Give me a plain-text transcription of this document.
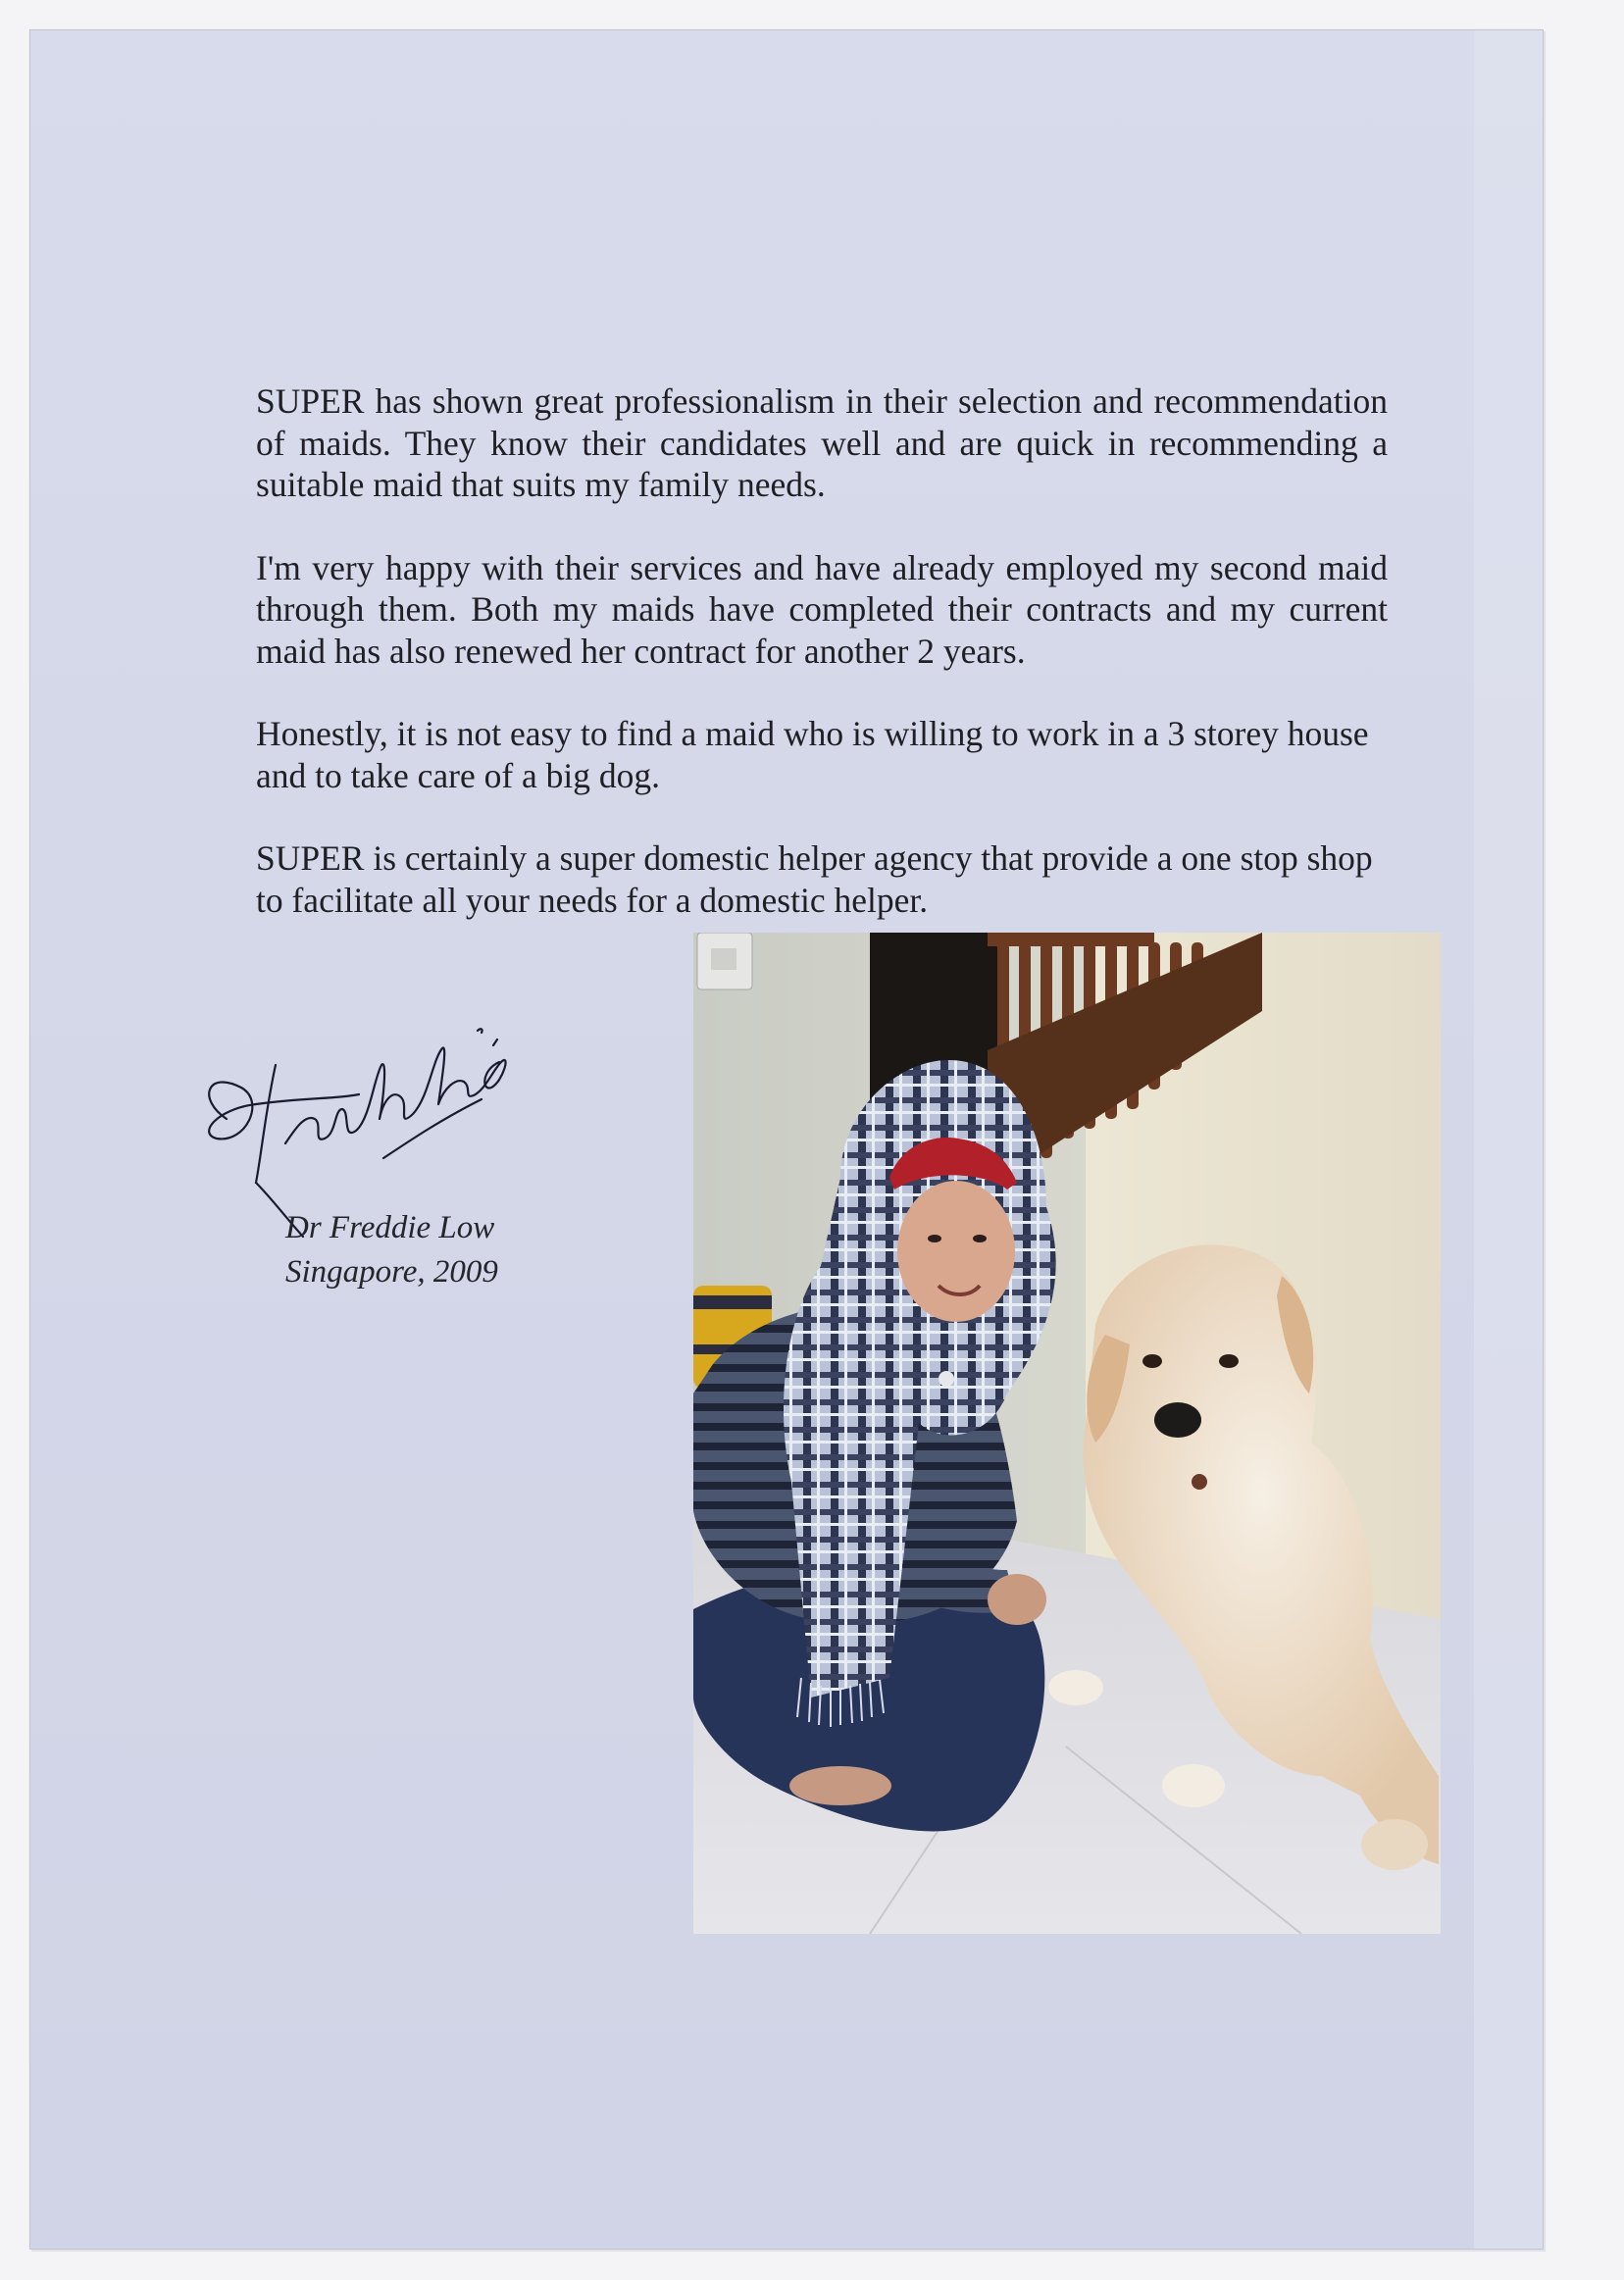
SUPER has shown great professionalism in their selection and recommendation of maids. They know their candidates well and are quick in recommending a suitable maid that suits my family needs.

I'm very happy with their services and have already employed my second maid through them. Both my maids have completed their contracts and my current maid has also renewed her contract for another 2 years.

Honestly, it is not easy to find a maid who is willing to work in a 3 storey house and to take care of a big dog.

SUPER is certainly a super domestic helper agency that provide a one stop shop to facilitate all your needs for a domestic helper.

Dr Freddie Low
Singapore, 2009
